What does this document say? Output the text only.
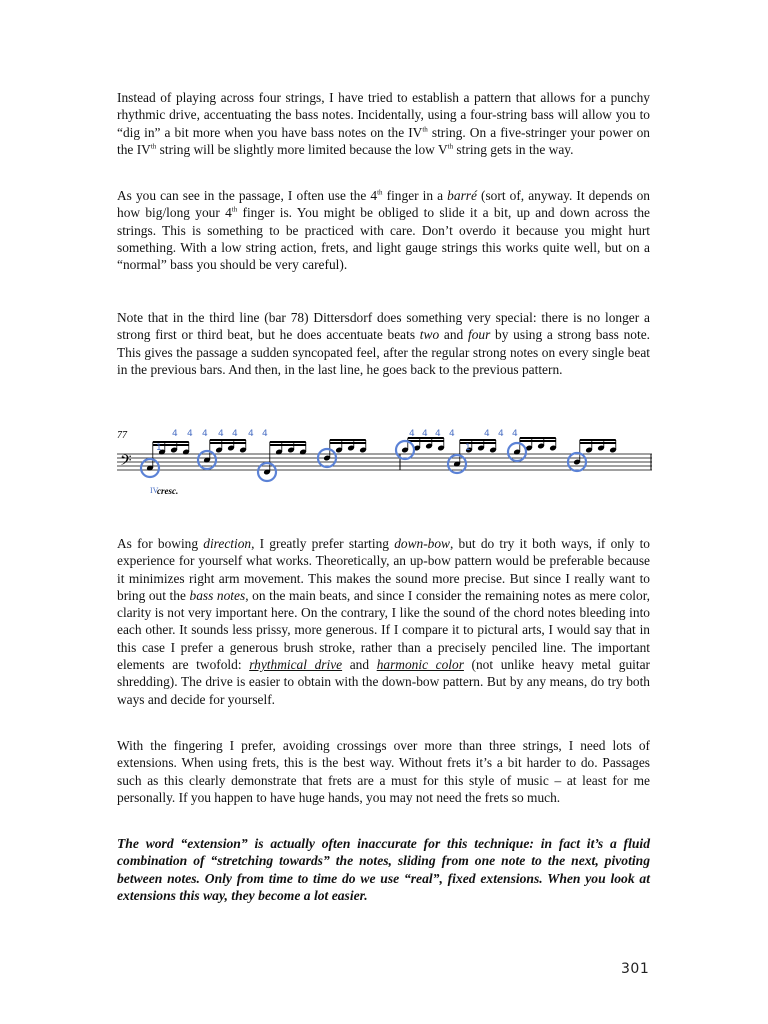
Instead of playing across four strings, I have tried to establish a pattern that allows for a punchy rhythmic drive, accentuating the bass notes. Incidentally, using a four-string bass will allow you to “dig in” a bit more when you have bass notes on the IVth string. On a five-stringer your power on the IVth string will be slightly more limited because the low Vth string gets in the way.

As you can see in the passage, I often use the 4th finger in a barré (sort of, anyway. It depends on how big/long your 4th finger is. You might be obliged to slide it a bit, up and down across the strings. This is something to be practiced with care. Don’t overdo it because you might hurt something. With a low string action, frets, and light gauge strings this works quite well, but on a “normal” bass you should be very careful).

Note that in the third line (bar 78) Dittersdorf does something very special: there is no longer a strong first or third beat, but he does accentuate beats two and four by using a strong bass note. This gives the passage a sudden syncopated feel, after the regular strong notes on every single beat in the previous bars. And then, in the last line, he goes back to the previous pattern.

77
𝄢
1
4 4 4 4 4 4 4	4 4 4 4
1
4 4 4
IV
cresc.

As for bowing direction, I greatly prefer starting down-bow, but do try it both ways, if only to experience for yourself what works. Theoretically, an up-bow pattern would be preferable because it minimizes right arm movement. This makes the sound more precise. But since I really want to bring out the bass notes, on the main beats, and since I consider the remaining notes as mere color, clarity is not very important here. On the contrary, I like the sound of the chord notes bleeding into each other. It sounds less prissy, more generous. If I compare it to pictural arts, I would say that in this case I prefer a generous brush stroke, rather than a precisely penciled line. The important elements are twofold: rhythmical drive and harmonic color (not unlike heavy metal guitar shredding). The drive is easier to obtain with the down-bow pattern. But by any means, do try both ways and decide for yourself.

With the fingering I prefer, avoiding crossings over more than three strings, I need lots of extensions. When using frets, this is the best way. Without frets it’s a bit harder to do. Passages such as this clearly demonstrate that frets are a must for this style of music – at least for me personally. If you happen to have huge hands, you may not need the frets so much.

The word “extension” is actually often inaccurate for this technique: in fact it’s a fluid combination of “stretching towards” the notes, sliding from one note to the next, pivoting between notes. Only from time to time do we use “real”, fixed extensions. When you look at extensions this way, they become a lot easier.

301
